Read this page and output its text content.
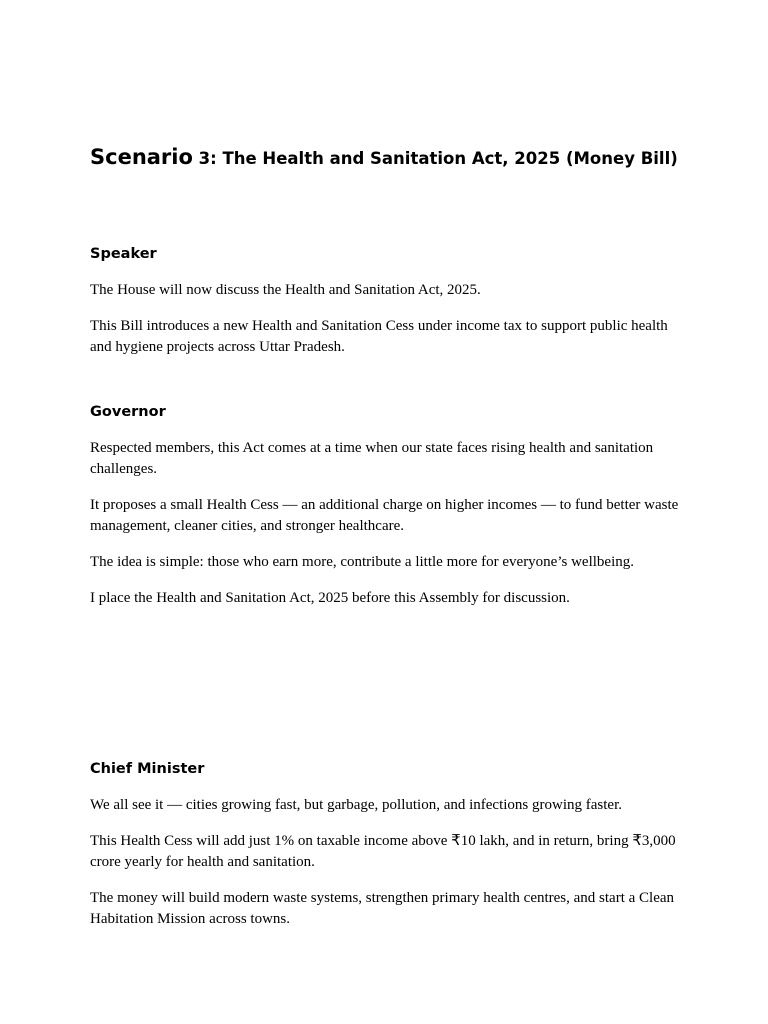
Scenario 3: The Health and Sanitation Act, 2025 (Money Bill)
Speaker

The House will now discuss the Health and Sanitation Act, 2025.

This Bill introduces a new Health and Sanitation Cess under income tax to support public health and hygiene projects across Uttar Pradesh.

Governor

Respected members, this Act comes at a time when our state faces rising health and sanitation challenges.

It proposes a small Health Cess — an additional charge on higher incomes — to fund better waste management, cleaner cities, and stronger healthcare.

The idea is simple: those who earn more, contribute a little more for everyone’s wellbeing.

I place the Health and Sanitation Act, 2025 before this Assembly for discussion.

Chief Minister

We all see it — cities growing fast, but garbage, pollution, and infections growing faster.

This Health Cess will add just 1% on taxable income above ₹10 lakh, and in return, bring ₹3,000 crore yearly for health and sanitation.

The money will build modern waste systems, strengthen primary health centres, and start a Clean Habitation Mission across towns.
